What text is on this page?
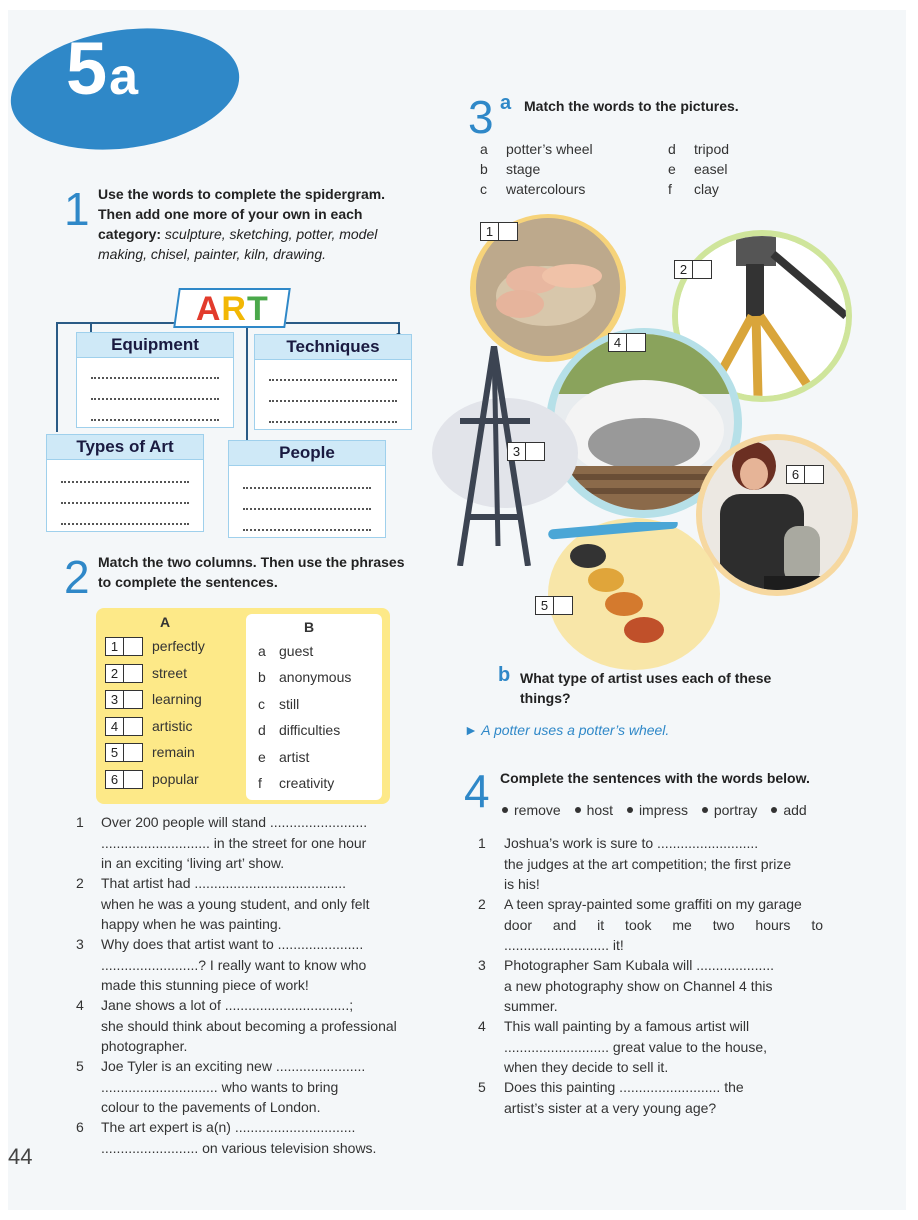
5a
1 Use the words to complete the spidergram. Then add one more of your own in each category: sculpture, sketching, potter, model making, chisel, painter, kiln, drawing.
ART
Equipment	Techniques
Types of Art	People
2 Match the two columns. Then use the phrases to complete the sentences.
A	B
1	perfectly
2	street
3	learning
4	artistic
5	remain
6	popular
a guest
b anonymous
c still
d difficulties
e artist
f creativity
1 Over 200 people will stand .........................
............................ in the street for one hour
in an exciting ‘living art’ show.
2 That artist had .......................................
when he was a young student, and only felt
happy when he was painting.
3 Why does that artist want to ......................
.........................? I really want to know who
made this stunning piece of work!
4 Jane shows a lot of ................................;
she should think about becoming a professional
photographer.
5 Joe Tyler is an exciting new .......................
.............................. who wants to bring
colour to the pavements of London.
6 The art expert is a(n) ...............................
......................... on various television shows.
44
3 a Match the words to the pictures.
a potter’s wheel
b stage
c watercolours
d tripod
e easel
f clay
1
2
3
4
5
6
b What type of artist uses each of these things?
► A potter uses a potter’s wheel.
4 Complete the sentences with the words below.
remove host impress portray add
1 Joshua’s work is sure to ..........................
the judges at the art competition; the first prize
is his!
2 A teen spray-painted some graffiti on my garage
door and it took me two hours to
........................... it!
3 Photographer Sam Kubala will ....................
a new photography show on Channel 4 this
summer.
4 This wall painting by a famous artist will
........................... great value to the house,
when they decide to sell it.
5 Does this painting .......................... the
artist’s sister at a very young age?
